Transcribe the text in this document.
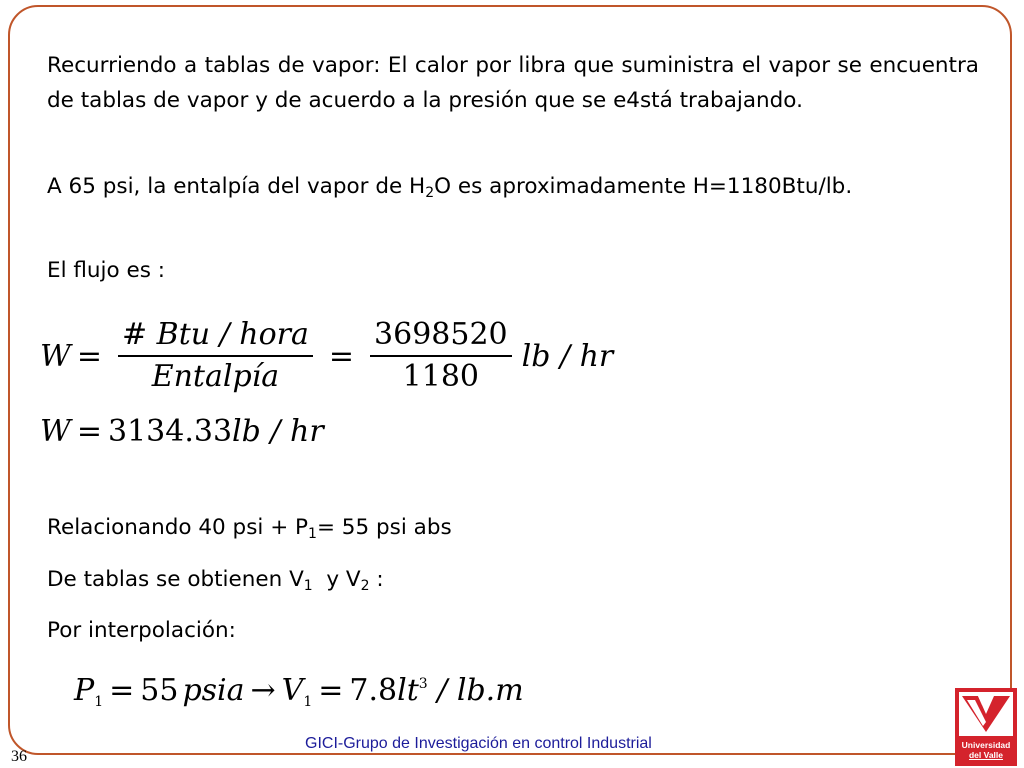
Recurriendo a tablas de vapor: El calor por libra que suministra el vapor se encuentra de tablas de vapor y de acuerdo a la presión que se e4stá trabajando.

A 65 psi, la entalpía del vapor de $H_2O$ es aproximadamente H=1180Btu/lb.

El flujo es :

$W = \frac{\text{\# Btu / hora}}{\text{Entalpía}} = \frac{3698520}{1180}$ lb / hr
W = 3134.33lb / hr
Relacionando 40 psi + $P_1= 55$ psi abs
De tablas se obtienen $V_1$  y $V_2$ :
Por interpolación:
$P_1 = 55$ psia → $V_1 = 7.8lt^3 / lb.m$
GICI-Grupo de Investigación en control Industrial
36
Universidad
del Valle
